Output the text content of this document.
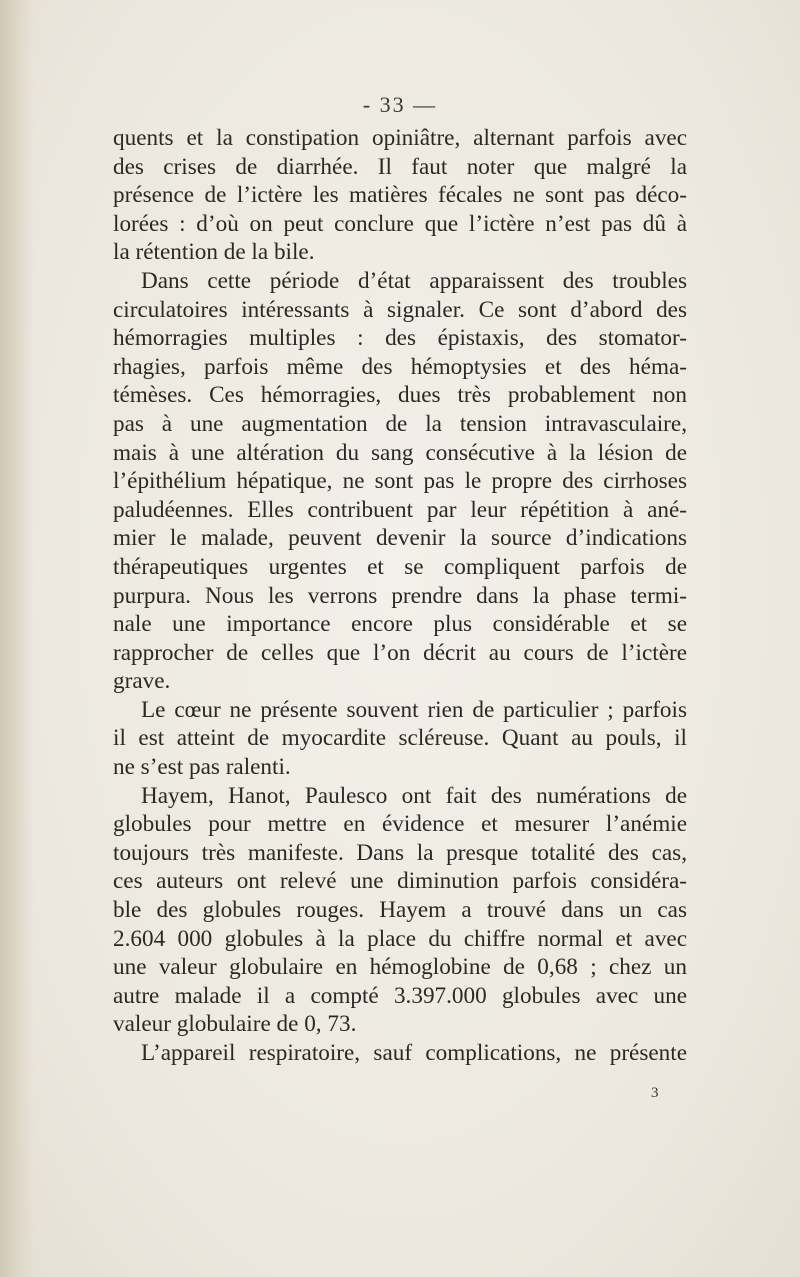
- 33 —
quents et la constipation opiniâtre, alternant parfois avec
des crises de diarrhée. Il faut noter que malgré la
présence de l’ictère les matières fécales ne sont pas déco-
lorées : d’où on peut conclure que l’ictère n’est pas dû à
la rétention de la bile.
Dans cette période d’état apparaissent des troubles
circulatoires intéressants à signaler. Ce sont d’abord des
hémorragies multiples : des épistaxis, des stomator-
rhagies, parfois même des hémoptysies et des héma-
témèses. Ces hémorragies, dues très probablement non
pas à une augmentation de la tension intravasculaire,
mais à une altération du sang consécutive à la lésion de
l’épithélium hépatique, ne sont pas le propre des cirrhoses
paludéennes. Elles contribuent par leur répétition à ané-
mier le malade, peuvent devenir la source d’indications
thérapeutiques urgentes et se compliquent parfois de
purpura. Nous les verrons prendre dans la phase termi-
nale une importance encore plus considérable et se
rapprocher de celles que l’on décrit au cours de l’ictère
grave.
Le cœur ne présente souvent rien de particulier ; parfois
il est atteint de myocardite scléreuse. Quant au pouls, il
ne s’est pas ralenti.
Hayem, Hanot, Paulesco ont fait des numérations de
globules pour mettre en évidence et mesurer l’anémie
toujours très manifeste. Dans la presque totalité des cas,
ces auteurs ont relevé une diminution parfois considéra-
ble des globules rouges. Hayem a trouvé dans un cas
2.604 000 globules à la place du chiffre normal et avec
une valeur globulaire en hémoglobine de 0,68 ; chez un
autre malade il a compté 3.397.000 globules avec une
valeur globulaire de 0, 73.
L’appareil respiratoire, sauf complications, ne présente
3
